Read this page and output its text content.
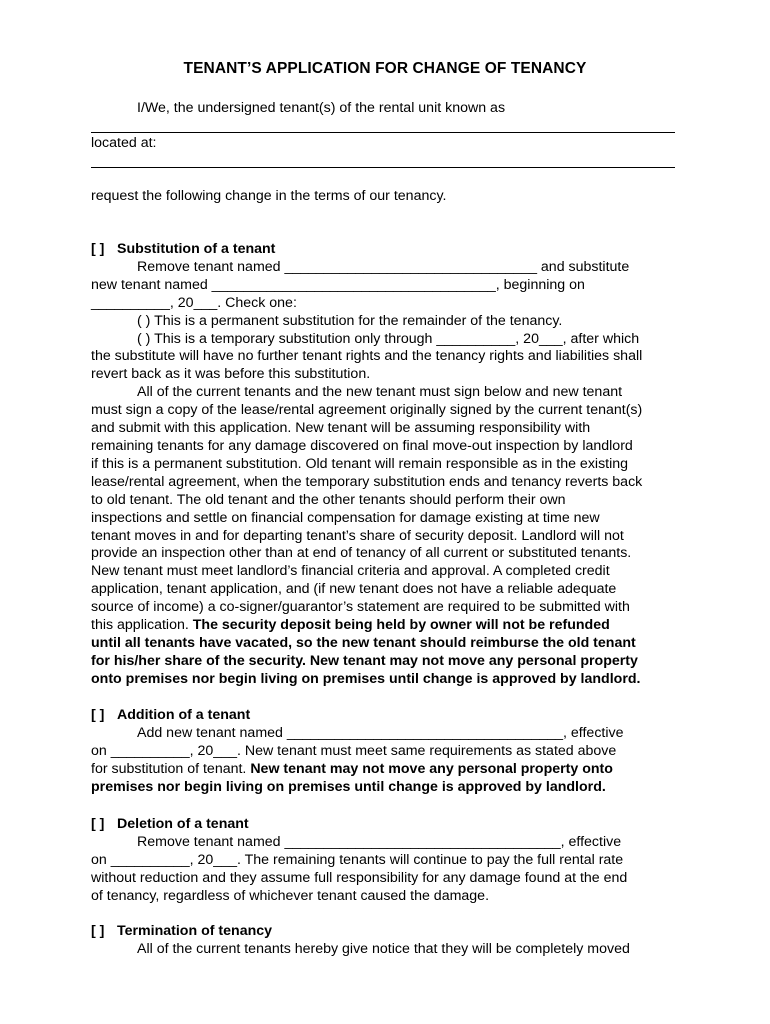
TENANT’S APPLICATION FOR CHANGE OF TENANCY
I/We, the undersigned tenant(s) of the rental unit known as
located at:
request the following change in the terms of our tenancy.

[ ] Substitution of a tenant

Remove tenant named ________________________________ and substitute

new tenant named ____________________________________, beginning on

__________, 20___. Check one:

( ) This is a permanent substitution for the remainder of the tenancy.

( ) This is a temporary substitution only through __________, 20___, after which

the substitute will have no further tenant rights and the tenancy rights and liabilities shall

revert back as it was before this substitution.

All of the current tenants and the new tenant must sign below and new tenant

must sign a copy of the lease/rental agreement originally signed by the current tenant(s)

and submit with this application. New tenant will be assuming responsibility with

remaining tenants for any damage discovered on final move-out inspection by landlord

if this is a permanent substitution. Old tenant will remain responsible as in the existing

lease/rental agreement, when the temporary substitution ends and tenancy reverts back

to old tenant. The old tenant and the other tenants should perform their own

inspections and settle on financial compensation for damage existing at time new

tenant moves in and for departing tenant’s share of security deposit. Landlord will not

provide an inspection other than at end of tenancy of all current or substituted tenants.

New tenant must meet landlord’s financial criteria and approval. A completed credit

application, tenant application, and (if new tenant does not have a reliable adequate

source of income) a co-signer/guarantor’s statement are required to be submitted with

this application. The security deposit being held by owner will not be refunded

until all tenants have vacated, so the new tenant should reimburse the old tenant

for his/her share of the security. New tenant may not move any personal property

onto premises nor begin living on premises until change is approved by landlord.

[ ] Addition of a tenant

Add new tenant named ___________________________________, effective

on __________, 20___. New tenant must meet same requirements as stated above

for substitution of tenant. New tenant may not move any personal property onto

premises nor begin living on premises until change is approved by landlord.

[ ] Deletion of a tenant

Remove tenant named ___________________________________, effective

on __________, 20___. The remaining tenants will continue to pay the full rental rate

without reduction and they assume full responsibility for any damage found at the end

of tenancy, regardless of whichever tenant caused the damage.

[ ] Termination of tenancy

All of the current tenants hereby give notice that they will be completely moved
